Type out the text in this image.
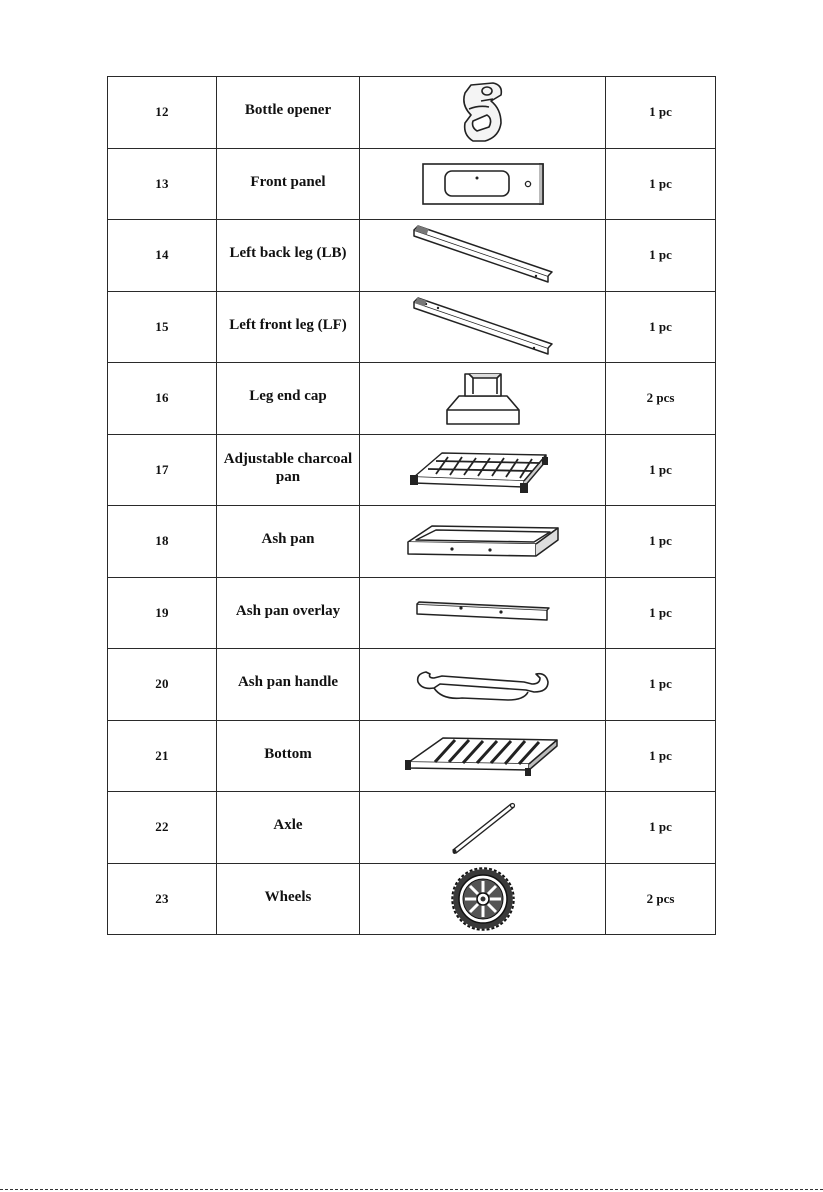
12	Bottle opener		1 pc
13	Front panel		1 pc
14	Left back leg (LB)		1 pc
15	Left front leg (LF)		1 pc
16	Leg end cap		2 pcs
17	Adjustable charcoal pan		1 pc
18	Ash pan		1 pc
19	Ash pan overlay		1 pc
20	Ash pan handle		1 pc
21	Bottom		1 pc
22	Axle		1 pc
23	Wheels		2 pcs
